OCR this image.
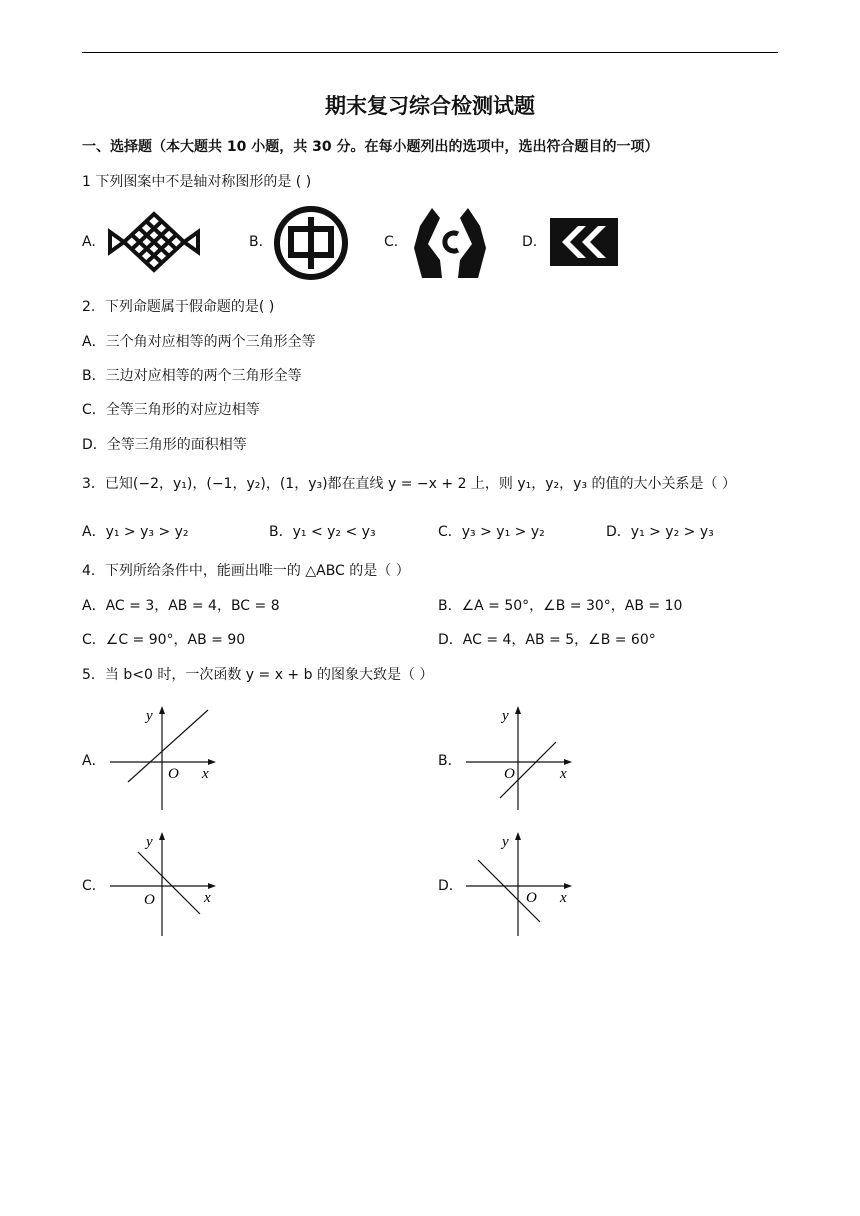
期末复习综合检测试题
一、选择题（本大题共 10 小题，共 30 分。在每小题列出的选项中，选出符合题目的一项）
1 下列图案中不是轴对称图形的是 ( )
A.	B.	C.	D.
2．下列命题属于假命题的是( )
A．三个角对应相等的两个三角形全等
B．三边对应相等的两个三角形全等
C．全等三角形的对应边相等
D．全等三角形的面积相等
3．已知(−2，y₁)，(−1，y₂)，(1，y₃)都在直线 y = −x + 2 上，则 y₁，y₂，y₃ 的值的大小关系是（ ）
A．y₁ > y₃ > y₂	B．y₁ < y₂ < y₃	C．y₃ > y₁ > y₂	D．y₁ > y₂ > y₃
4．下列所给条件中，能画出唯一的 △ABC 的是（ ）
A．AC = 3，AB = 4，BC = 8	B．∠A = 50°，∠B = 30°，AB = 10
C．∠C = 90°，AB = 90	D．AC = 4，AB = 5，∠B = 60°
5．当 b<0 时，一次函数 y = x + b 的图象大致是（ ）
A．
y
O x
B．
y
O	x
C．
y
O	x
D．
y
O x
